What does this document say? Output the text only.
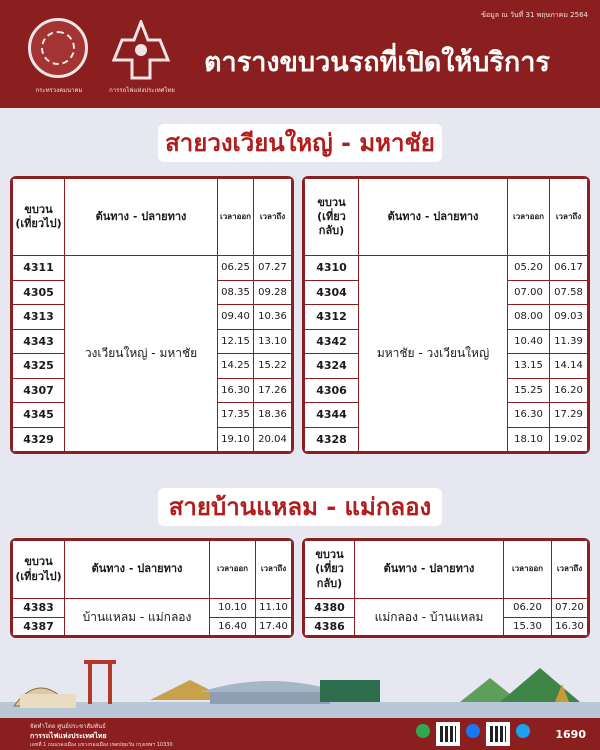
ข้อมูล ณ วันที่ 31 พฤษภาคม 2564
กระทรวงคมนาคม	การรถไฟแห่งประเทศไทย
ตารางขบวนรถที่เปิดให้บริการ
สายวงเวียนใหญ่ - มหาชัย
ขบวน
(เที่ยวไป)	ต้นทาง - ปลายทาง	เวลาออก	เวลาถึง
4311	วงเวียนใหญ่ - มหาชัย	06.25	07.27
4305		08.35	09.28
4313		09.40	10.36
4343		12.15	13.10
4325		14.25	15.22
4307		16.30	17.26
4345		17.35	18.36
4329		19.10	20.04
ขบวน
(เที่ยวกลับ)	ต้นทาง - ปลายทาง	เวลาออก	เวลาถึง
4310	มหาชัย - วงเวียนใหญ่	05.20	06.17
4304		07.00	07.58
4312		08.00	09.03
4342		10.40	11.39
4324		13.15	14.14
4306		15.25	16.20
4344		16.30	17.29
4328		18.10	19.02
สายบ้านแหลม - แม่กลอง
ขบวน
(เที่ยวไป)	ต้นทาง - ปลายทาง	เวลาออก	เวลาถึง
4383	บ้านแหลม - แม่กลอง	10.10	11.10
4387		16.40	17.40
ขบวน
(เที่ยวกลับ)	ต้นทาง - ปลายทาง	เวลาออก	เวลาถึง
4380	แม่กลอง - บ้านแหลม	06.20	07.20
4386		15.30	16.30
จัดทำโดย ศูนย์ประชาสัมพันธ์
การรถไฟแห่งประเทศไทย
เลขที่ 1 ถนนรองเมือง แขวงรองเมือง เขตปทุมวัน กรุงเทพฯ 10330
1690
